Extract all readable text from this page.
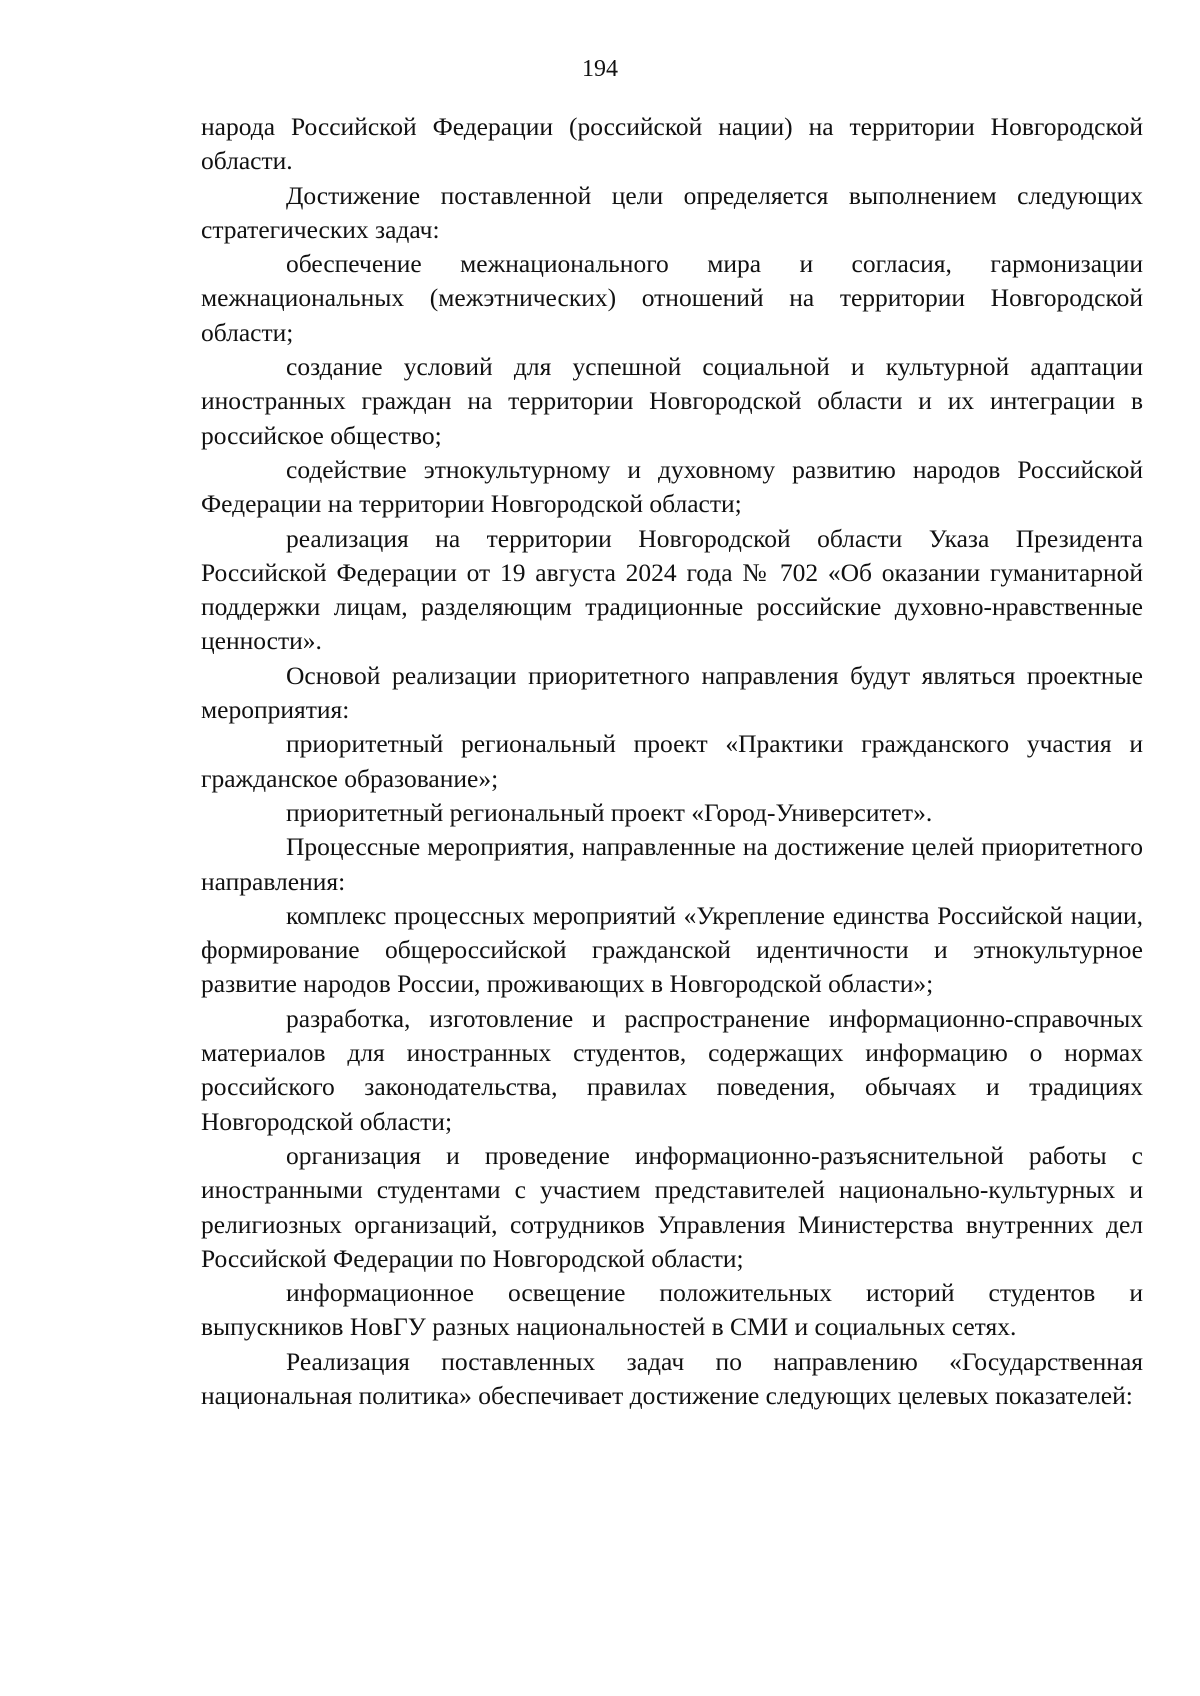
194

народа Российской Федерации (российской нации) на территории Новгородской области.

Достижение поставленной цели определяется выполнением следующих стратегических задач:

обеспечение межнационального мира и согласия, гармонизации межнациональных (межэтнических) отношений на территории Новгородской области;

создание условий для успешной социальной и культурной адаптации иностранных граждан на территории Новгородской области и их интеграции в российское общество;

содействие этнокультурному и духовному развитию народов Российской Федерации на территории Новгородской области;

реализация на территории Новгородской области Указа Президента Российской Федерации от 19 августа 2024 года № 702 «Об оказании гуманитарной поддержки лицам, разделяющим традиционные российские духовно-нравственные ценности».

Основой реализации приоритетного направления будут являться проектные мероприятия:

приоритетный региональный проект «Практики гражданского участия и гражданское образование»;

приоритетный региональный проект «Город-Университет».

Процессные мероприятия, направленные на достижение целей приоритетного направления:

комплекс процессных мероприятий «Укрепление единства Российской нации, формирование общероссийской гражданской идентичности и этнокультурное развитие народов России, проживающих в Новгородской области»;

разработка, изготовление и распространение информационно-справочных материалов для иностранных студентов, содержащих информацию о нормах российского законодательства, правилах поведения, обычаях и традициях Новгородской области;

организация и проведение информационно-разъяснительной работы с иностранными студентами с участием представителей национально-культурных и религиозных организаций, сотрудников Управления Министерства внутренних дел Российской Федерации по Новгородской области;

информационное освещение положительных историй студентов и выпускников НовГУ разных национальностей в СМИ и социальных сетях.

Реализация поставленных задач по направлению «Государственная национальная политика» обеспечивает достижение следующих целевых показателей:
